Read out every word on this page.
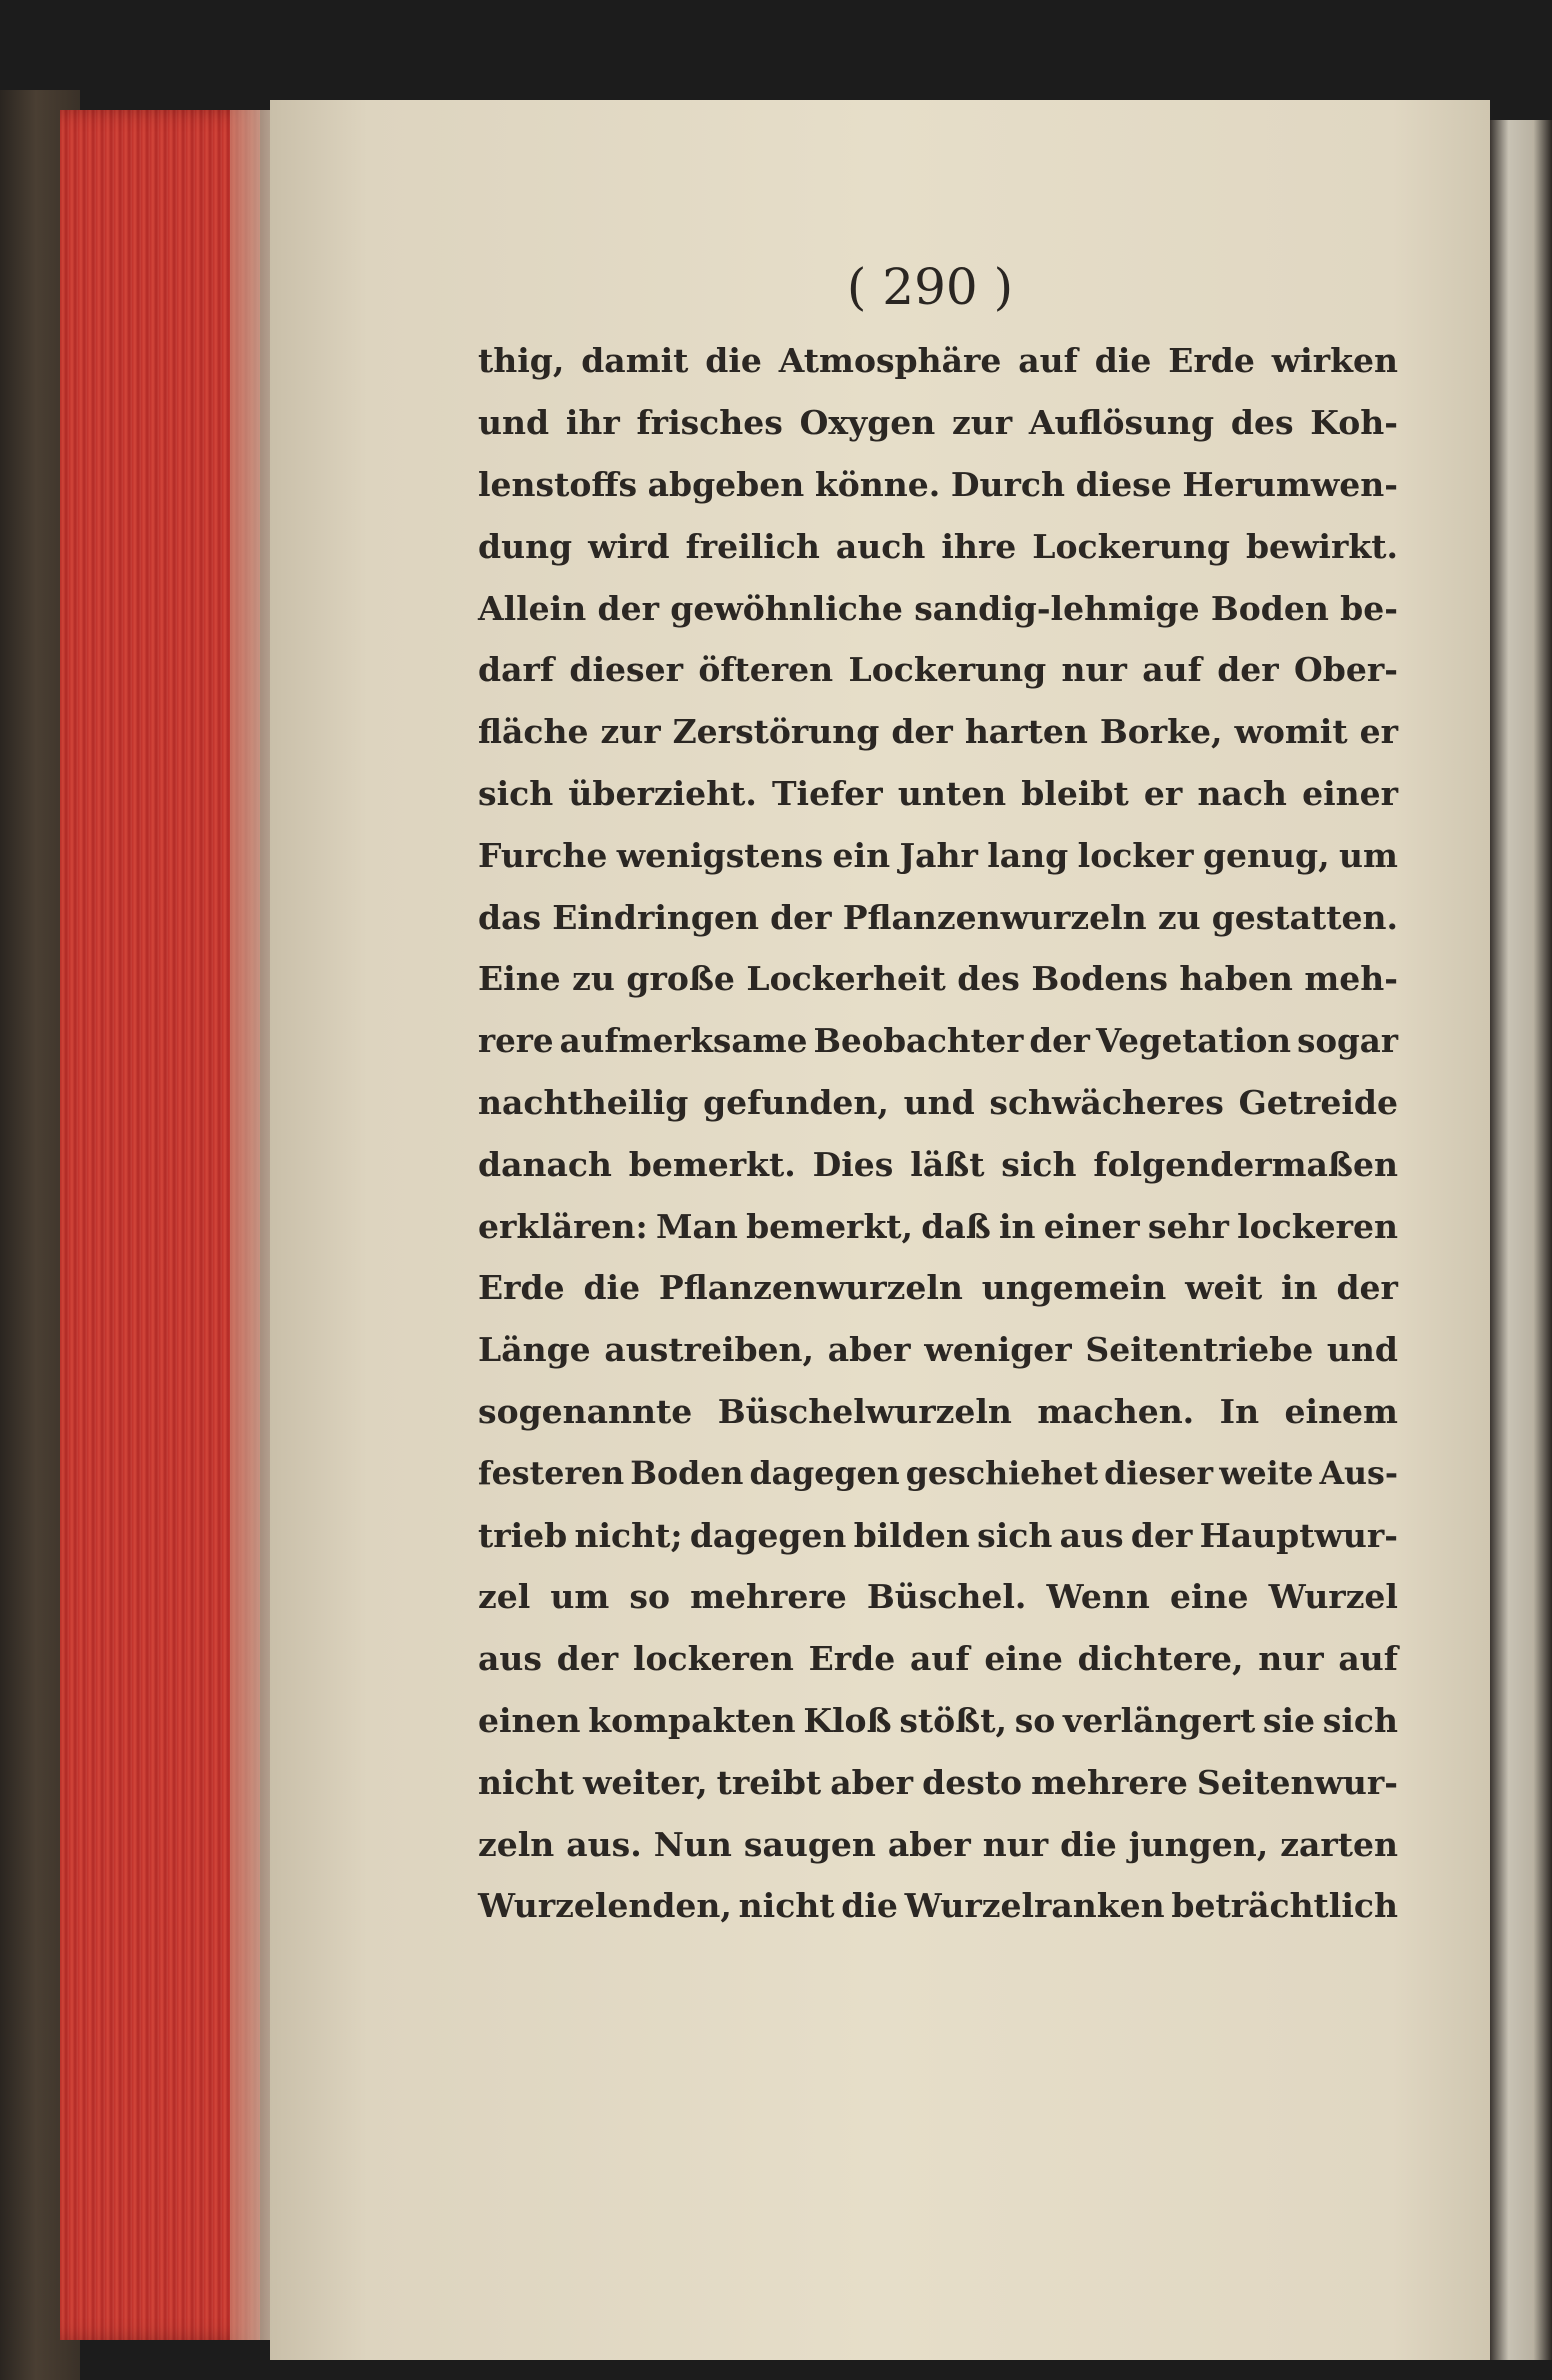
( 290 )
thig, damit die Atmosphäre auf die Erde wirken
und ihr frisches Oxygen zur Auflösung des Koh-
lenstoffs abgeben könne. Durch diese Herumwen-
dung wird freilich auch ihre Lockerung bewirkt.
Allein der gewöhnliche sandig-lehmige Boden be-
darf dieser öfteren Lockerung nur auf der Ober-
fläche zur Zerstörung der harten Borke, womit er
sich überzieht. Tiefer unten bleibt er nach einer
Furche wenigstens ein Jahr lang locker genug, um
das Eindringen der Pflanzenwurzeln zu gestatten.
Eine zu große Lockerheit des Bodens haben meh-
rere aufmerksame Beobachter der Vegetation sogar
nachtheilig gefunden, und schwächeres Getreide
danach bemerkt. Dies läßt sich folgendermaßen
erklären: Man bemerkt, daß in einer sehr lockeren
Erde die Pflanzenwurzeln ungemein weit in der
Länge austreiben, aber weniger Seitentriebe und
sogenannte Büschelwurzeln machen. In einem
festeren Boden dagegen geschiehet dieser weite Aus-
trieb nicht; dagegen bilden sich aus der Hauptwur-
zel um so mehrere Büschel. Wenn eine Wurzel
aus der lockeren Erde auf eine dichtere, nur auf
einen kompakten Kloß stößt, so verlängert sie sich
nicht weiter, treibt aber desto mehrere Seitenwur-
zeln aus. Nun saugen aber nur die jungen, zarten
Wurzelenden, nicht die Wurzelranken beträchtlich
